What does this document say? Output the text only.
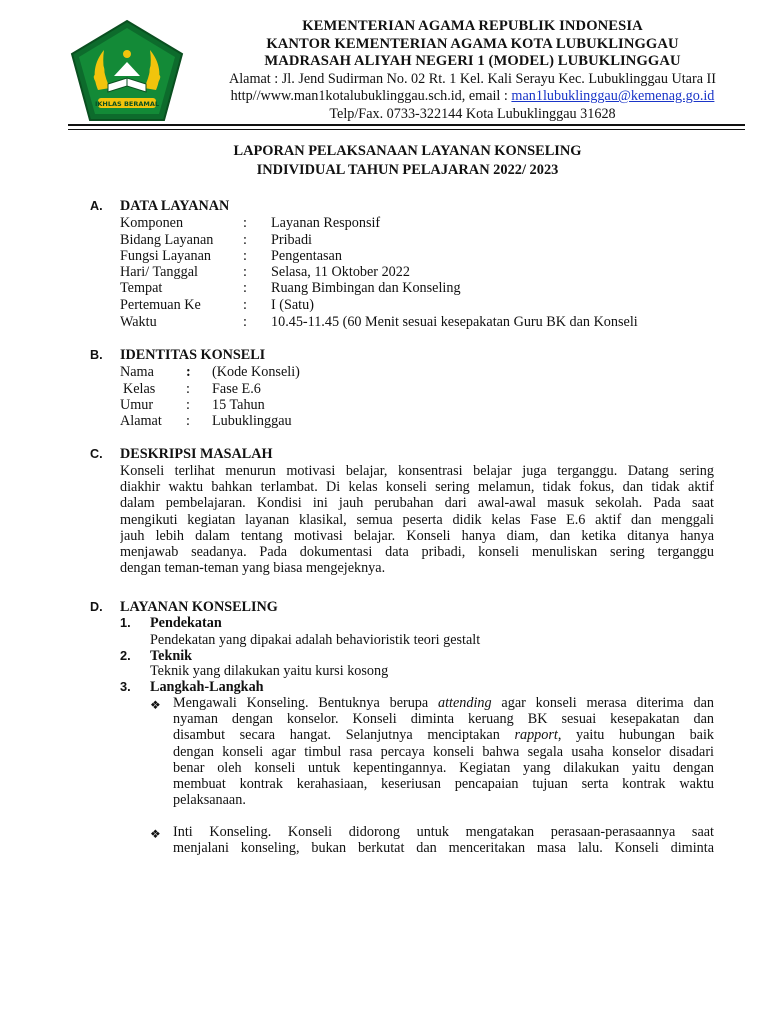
IKHLAS BERAMAL
KEMENTERIAN AGAMA REPUBLIK INDONESIA
KANTOR KEMENTERIAN AGAMA KOTA LUBUKLINGGAU
MADRASAH ALIYAH NEGERI 1 (MODEL) LUBUKLINGGAU
Alamat : Jl. Jend Sudirman No. 02 Rt. 1 Kel. Kali Serayu Kec. Lubuklinggau Utara II
http//www.man1kotalubuklinggau.sch.id, email : man1lubuklinggau@kemenag.go.id
Telp/Fax. 0733-322144 Kota Lubuklinggau 31628
LAPORAN PELAKSANAAN LAYANAN KONSELING
INDIVIDUAL TAHUN PELAJARAN 2022/ 2023
A. DATA LAYANAN
Komponen	: Layanan Responsif
Bidang Layanan : Pribadi
Fungsi Layanan : Pengentasan
Hari/ Tanggal	: Selasa, 11 Oktober 2022
Tempat	: Ruang Bimbingan dan Konseling
Pertemuan Ke	: I (Satu)
Waktu	: 10.45-11.45 (60 Menit sesuai kesepakatan Guru BK dan Konseli
B. IDENTITAS KONSELI
Nama : (Kode Konseli)
Kelas : Fase E.6
Umur : 15 Tahun
Alamat : Lubuklinggau
C. DESKRIPSI MASALAH
Konseli terlihat menurun motivasi belajar, konsentrasi belajar juga terganggu. Datang sering
diakhir waktu bahkan terlambat. Di kelas konseli sering melamun, tidak fokus, dan tidak aktif
dalam pembelajaran. Kondisi ini jauh perubahan dari awal-awal masuk sekolah. Pada saat
mengikuti kegiatan layanan klasikal, semua peserta didik kelas Fase E.6 aktif dan menggali
jauh lebih dalam tentang motivasi belajar. Konseli hanya diam, dan ketika ditanya hanya
menjawab seadanya. Pada dokumentasi data pribadi, konseli menuliskan sering terganggu
dengan teman-teman yang biasa mengejeknya.
D. LAYANAN KONSELING
1. Pendekatan
Pendekatan yang dipakai adalah behavioristik teori gestalt
2. Teknik
Teknik yang dilakukan yaitu kursi kosong
3. Langkah-Langkah
❖ Mengawali Konseling. Bentuknya berupa attending agar konseli merasa diterima dan
nyaman dengan konselor. Konseli diminta keruang BK sesuai kesepakatan dan
disambut secara hangat. Selanjutnya menciptakan rapport, yaitu hubungan baik
dengan konseli agar timbul rasa percaya konseli bahwa segala usaha konselor disadari
benar oleh konseli untuk kepentingannya. Kegiatan yang dilakukan yaitu dengan
membuat kontrak kerahasiaan, keseriusan pencapaian tujuan serta kontrak waktu
pelaksanaan.
❖ Inti Konseling. Konseli didorong untuk mengatakan perasaan-perasaannya saat
menjalani konseling, bukan berkutat dan menceritakan masa lalu. Konseli diminta
